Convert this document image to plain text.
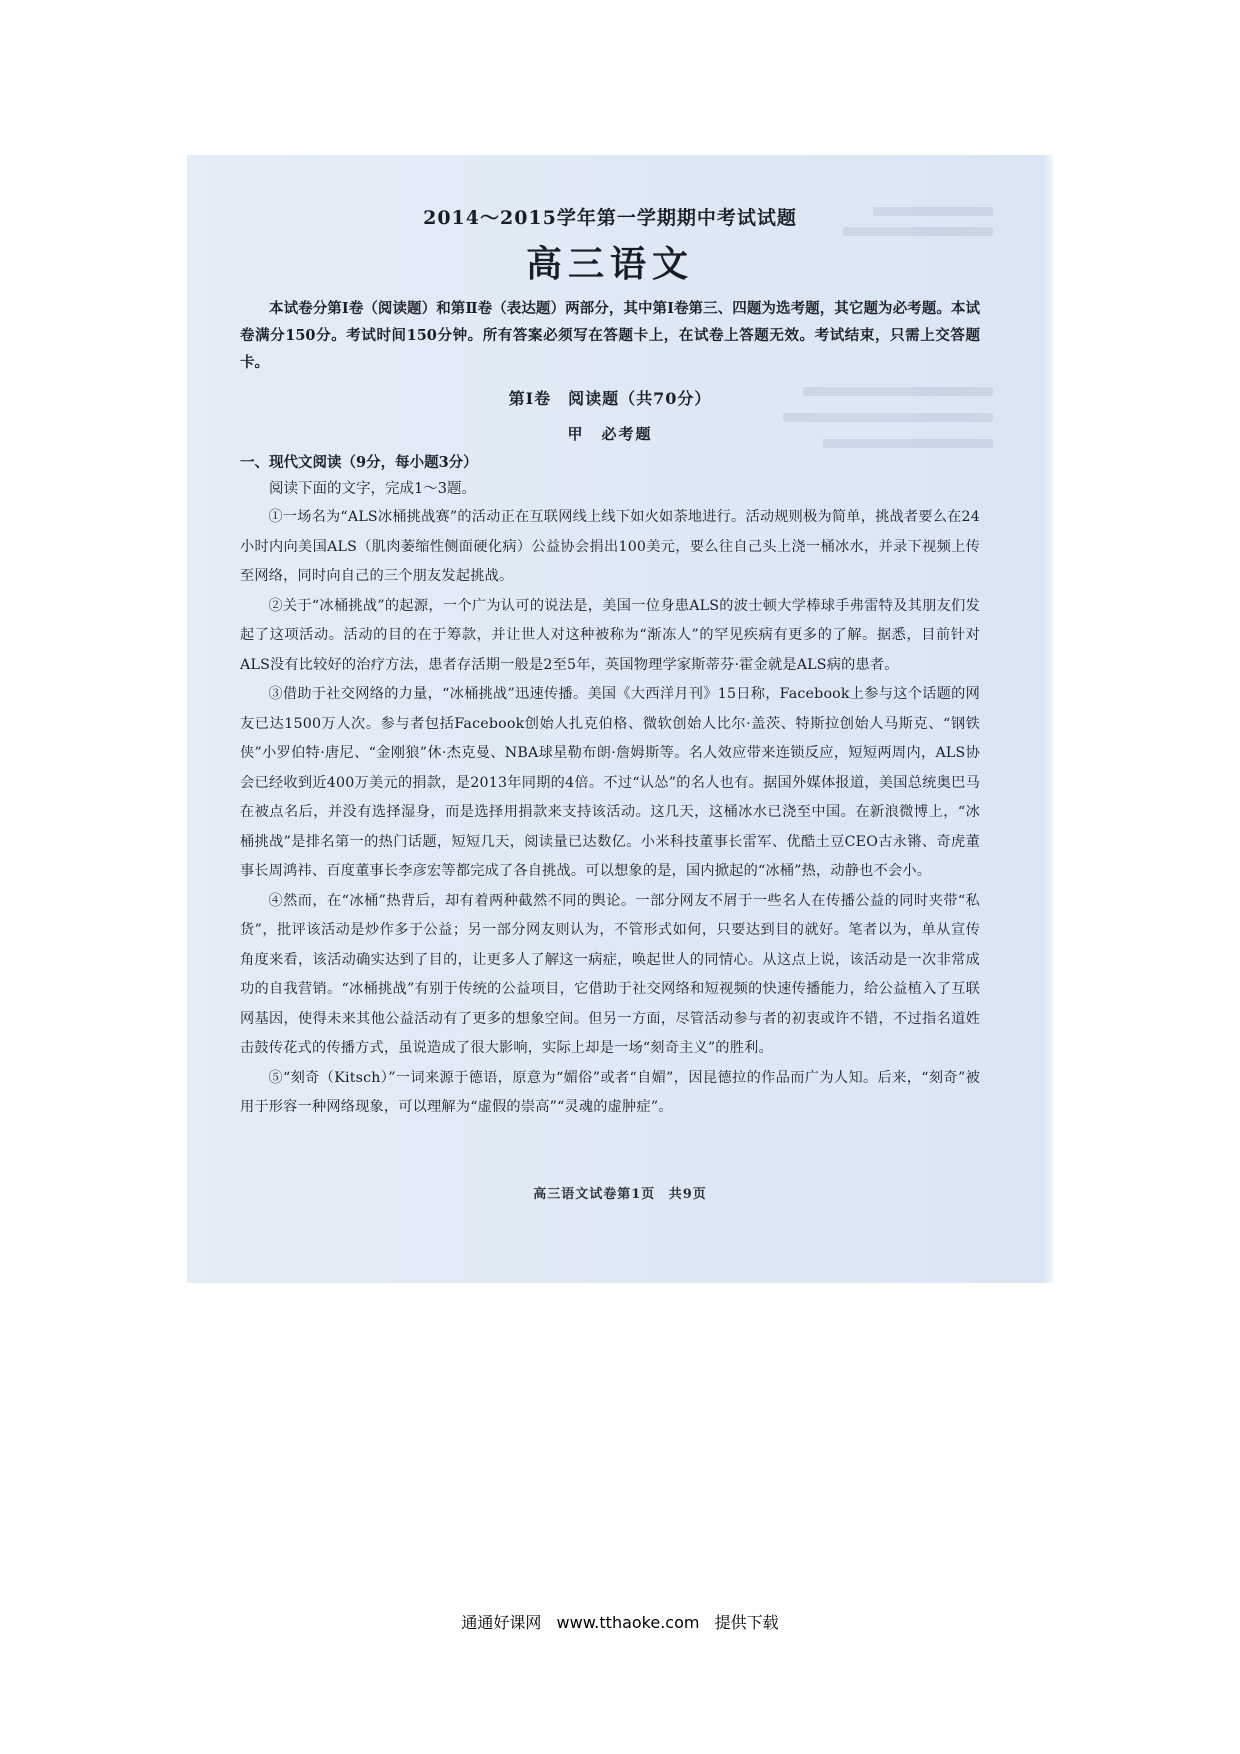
2014～2015学年第一学期期中考试试题

高三语文

本试卷分第Ⅰ卷（阅读题）和第Ⅱ卷（表达题）两部分，其中第Ⅰ卷第三、四题为选考题，其它题为必考题。本试卷满分150分。考试时间150分钟。所有答案必须写在答题卡上，在试卷上答题无效。考试结束，只需上交答题卡。

第Ⅰ卷　阅读题（共70分）

甲　必考题

一、现代文阅读（9分，每小题3分）

阅读下面的文字，完成1～3题。

①一场名为“ALS冰桶挑战赛”的活动正在互联网线上线下如火如荼地进行。活动规则极为简单，挑战者要么在24小时内向美国ALS（肌肉萎缩性侧面硬化病）公益协会捐出100美元，要么往自己头上浇一桶冰水，并录下视频上传至网络，同时向自己的三个朋友发起挑战。

②关于“冰桶挑战”的起源，一个广为认可的说法是，美国一位身患ALS的波士顿大学棒球手弗雷特及其朋友们发起了这项活动。活动的目的在于筹款，并让世人对这种被称为“渐冻人”的罕见疾病有更多的了解。据悉，目前针对ALS没有比较好的治疗方法，患者存活期一般是2至5年，英国物理学家斯蒂芬·霍金就是ALS病的患者。

③借助于社交网络的力量，“冰桶挑战”迅速传播。美国《大西洋月刊》15日称，Facebook上参与这个话题的网友已达1500万人次。参与者包括Facebook创始人扎克伯格、微软创始人比尔·盖茨、特斯拉创始人马斯克、“钢铁侠”小罗伯特·唐尼、“金刚狼”休·杰克曼、NBA球星勒布朗·詹姆斯等。名人效应带来连锁反应，短短两周内，ALS协会已经收到近400万美元的捐款，是2013年同期的4倍。不过“认怂”的名人也有。据国外媒体报道，美国总统奥巴马在被点名后，并没有选择湿身，而是选择用捐款来支持该活动。这几天，这桶冰水已浇至中国。在新浪微博上，“冰桶挑战”是排名第一的热门话题，短短几天，阅读量已达数亿。小米科技董事长雷军、优酷土豆CEO古永锵、奇虎董事长周鸿祎、百度董事长李彦宏等都完成了各自挑战。可以想象的是，国内掀起的“冰桶”热，动静也不会小。

④然而，在“冰桶”热背后，却有着两种截然不同的舆论。一部分网友不屑于一些名人在传播公益的同时夹带“私货”，批评该活动是炒作多于公益；另一部分网友则认为，不管形式如何，只要达到目的就好。笔者以为，单从宣传角度来看，该活动确实达到了目的，让更多人了解这一病症，唤起世人的同情心。从这点上说，该活动是一次非常成功的自我营销。“冰桶挑战”有别于传统的公益项目，它借助于社交网络和短视频的快速传播能力，给公益植入了互联网基因，使得未来其他公益活动有了更多的想象空间。但另一方面，尽管活动参与者的初衷或许不错，不过指名道姓击鼓传花式的传播方式，虽说造成了很大影响，实际上却是一场“刻奇主义”的胜利。

⑤“刻奇（Kitsch）”一词来源于德语，原意为“媚俗”或者“自媚”，因昆德拉的作品而广为人知。后来，“刻奇”被用于形容一种网络现象，可以理解为“虚假的崇高”“灵魂的虚肿症”。

高三语文试卷第1页 共9页
通通好课网 www.tthaoke.com 提供下载
